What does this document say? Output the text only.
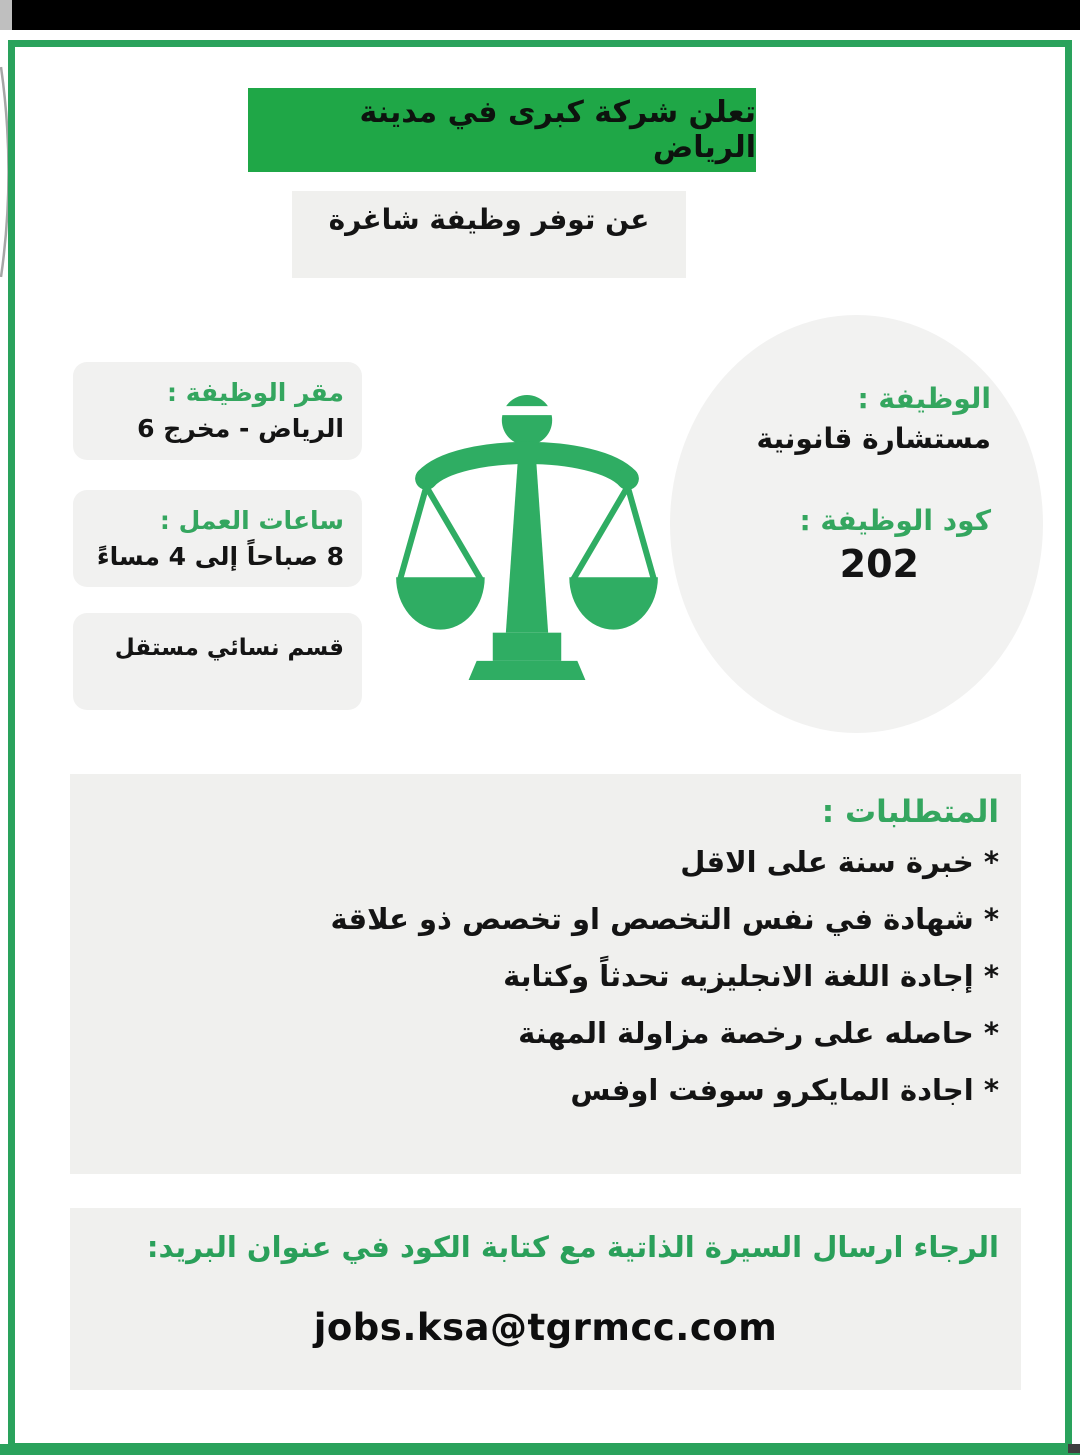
تعلن شركة كبرى في مدينة الرياض
عن توفر وظيفة شاغرة
الوظيفة :
مستشارة قانونية
كود الوظيفة :
202
مقر الوظيفة :
الرياض - مخرج 6
ساعات العمل :
8 صباحاً إلى 4 مساءً
قسم نسائي مستقل
المتطلبات :
* خبرة سنة على الاقل
* شهادة في نفس التخصص او تخصص ذو علاقة
* إجادة اللغة الانجليزيه تحدثاً وكتابة
* حاصله على رخصة مزاولة المهنة
* اجادة المايكرو سوفت اوفس
الرجاء ارسال السيرة الذاتية مع كتابة الكود في عنوان البريد:
jobs.ksa@tgrmcc.com
